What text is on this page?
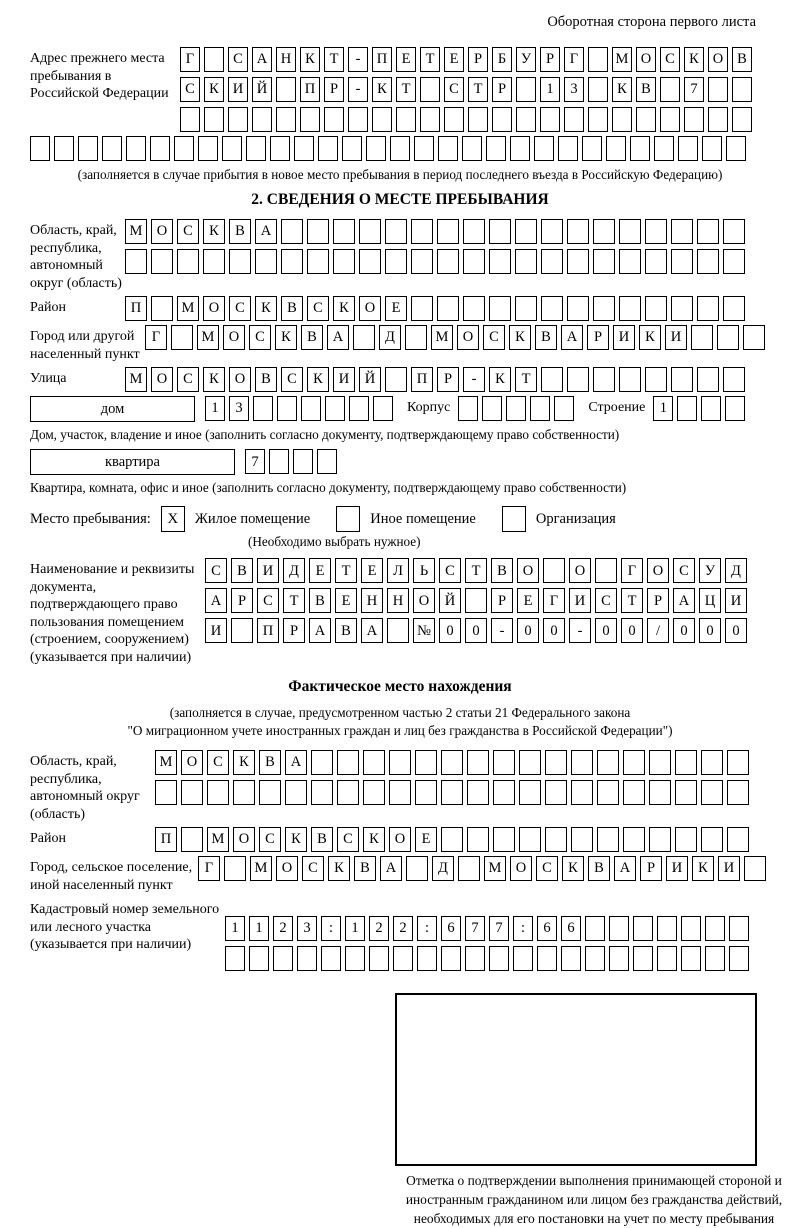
Оборотная сторона первого листа
Адрес прежнего места пребывания в Российской Федерации
Г	С А Н К	Т	-	П Е	Т	Е	Р	Б	У	Р	Г	М О С К О В
С К И Й	П	Р	-	К	Т	С	Т	Р	1	3	К В	7
(заполняется в случае прибытия в новое место пребывания в период последнего въезда в Российскую Федерацию)
2. СВЕДЕНИЯ О МЕСТЕ ПРЕБЫВАНИЯ
Область, край, республика, автономный округ (область)
М О	С	К	В	А
Район	П	М О	С	К	В	С	К	О	Е
Город или другой населенный пункт
Г	М О	С	К	В	А	Д	М О	С	К	В	А	Р	И	К	И
Улица	М О	С	К	О	В	С	К	И	Й	П	Р	-	К	Т
дом	1	3	Корпус	Строение 1
Дом, участок, владение и иное (заполнить согласно документу, подтверждающему право собственности)
квартира	7
Квартира, комната, офис и иное (заполнить согласно документу, подтверждающему право собственности)
Место пребывания:	X	Жилое помещение	Иное помещение	Организация
(Необходимо выбрать нужное)
Наименование и реквизиты документа, подтверждающего право пользования помещением (строением, сооружением) (указывается при наличии)
С	В	И	Д	Е	Т	Е	Л	Ь	С	Т	В	О	О	Г	О	С	У	Д
А	Р	С	Т	В	Е	Н	Н	О	Й	Р	Е	Г	И	С	Т	Р	А	Ц	И
И	П	Р	А	В	А	№	0	0	-	0	0	-	0	0	/	0	0	0
Фактическое место нахождения
(заполняется в случае, предусмотренном частью 2 статьи 21 Федерального закона
"О миграционном учете иностранных граждан и лиц без гражданства в Российской Федерации")
Область, край, республика, автономный округ (область)
М О	С	К	В	А
Район	П	М О	С	К	В	С	К	О	Е
Город, сельское поселение, иной населенный пункт
Г	М О	С	К	В	А	Д	М О	С	К	В	А	Р	И	К	И
Кадастровый номер земельного или лесного участка (указывается при наличии)
1	1	2	3	:	1	2	2	:	6	7	7	:	6	6
Отметка о подтверждении выполнения принимающей стороной и иностранным гражданином или лицом без гражданства действий, необходимых для его постановки на учет по месту пребывания
